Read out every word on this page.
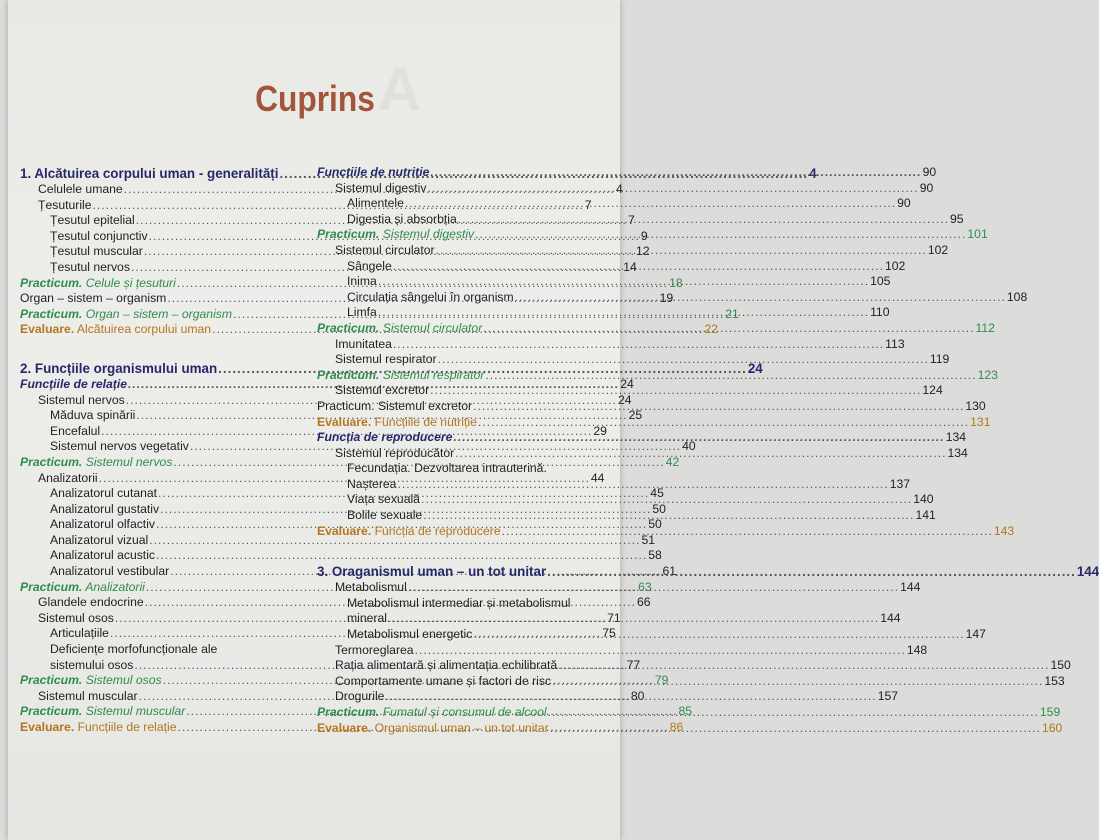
A
Cuprins
1. Alcătuirea corpului uman - generalități .....	4
Celulele umane .....	4
Țesuturile .....	7
Țesutul epitelial .....	7
Țesutul conjunctiv .....	9
Țesutul muscular .....	12
Țesutul nervos .....	14
Practicum. Celule și țesuturi .....	18
Organ – sistem – organism .....	19
Practicum. Organ – sistem – organism .....	21
Evaluare. Alcătuirea corpului uman .....	22
2. Funcțiile organismului uman .....	24
Funcțiile de relație .....	24
Sistemul nervos .....	24
Măduva spinării .....	25
Encefalul .....	29
Sistemul nervos vegetativ .....	40
Practicum. Sistemul nervos .....	42
Analizatorii .....	44
Analizatorul cutanat .....	45
Analizatorul gustativ .....	50
Analizatorul olfactiv .....	50
Analizatorul vizual .....	51
Analizatorul acustic .....	58
Analizatorul vestibular .....	61
Practicum. Analizatorii .....	63
Glandele endocrine .....	66
Sistemul osos .....	71
Articulațiile .....	75
Deficiențe morfofuncționale ale
sistemului osos .....	77
Practicum. Sistemul osos .....	79
Sistemul muscular .....	80
Practicum. Sistemul muscular .....	85
Evaluare. Funcțiile de relație .....	86
Funcțiile de nutriție .....	90
Sistemul digestiv .....	90
Alimentele .....	90
Digestia și absorbția .....	95
Practicum. Sistemul digestiv .....	101
Sistemul circulator .....	102
Sângele .....	102
Inima .....	105
Circulația sângelui în organism .....	108
Limfa .....	110
Practicum. Sistemul circulator .....	112
Imunitatea .....	113
Sistemul respirator .....	119
Practicum. Sistemul respirator .....	123
Sistemul excretor .....	124
Practicum. Sistemul excretor .....	130
Evaluare. Funcțiile de nutriție .....	131
Funcția de reproducere .....	134
Sistemul reproducător .....	134
Fecundația. Dezvoltarea intrauterină.
Nașterea .....	137
Viața sexuală .....	140
Bolile sexuale .....	141
Evaluare. Funcția de reproducere .....	143
3. Oraganismul uman – un tot unitar .....	144
Metabolismul .....	144
Metabolismul intermediar și metabolismul
mineral .....	144
Metabolismul energetic .....	147
Termoreglarea .....	148
Rația alimentară și alimentația echilibrată .....	150
Comportamente umane și factori de risc .....	153
Drogurile .....	157
Practicum. Fumatul și consumul de alcool .....	159
Evaluare. Organismul uman – un tot unitar .....	160
